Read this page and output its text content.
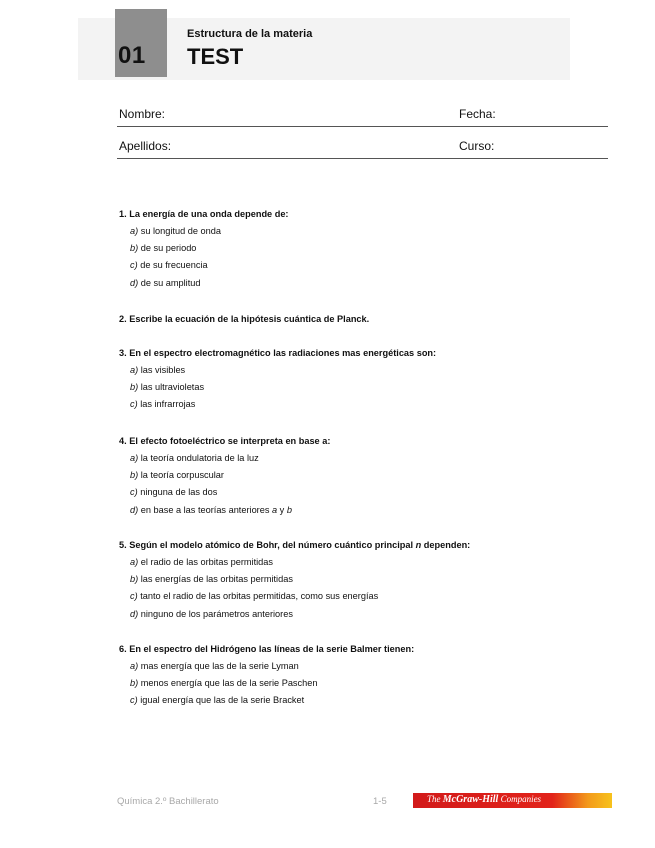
01
Estructura de la materia
TEST
Nombre:	Fecha:
Apellidos:	Curso:
1. La energía de una onda depende de:
a) su longitud de onda
b) de su periodo
c) de su frecuencia
d) de su amplitud
2. Escribe la ecuación de la hipótesis cuántica de Planck.
3. En el espectro electromagnético las radiaciones mas energéticas son:
a) las visibles
b) las ultravioletas
c) las infrarrojas
4. El efecto fotoeléctrico se interpreta en base a:
a) la teoría ondulatoria de la luz
b) la teoría corpuscular
c) ninguna de las dos
d) en base a las teorías anteriores a y b
5. Según el modelo atómico de Bohr, del número cuántico principal n dependen:
a) el radio de las orbitas permitidas
b) las energías de las orbitas permitidas
c) tanto el radio de las orbitas permitidas, como sus energías
d) ninguno de los parámetros anteriores
6. En el espectro del Hidrógeno las líneas de la serie Balmer tienen:
a) mas energía que las de la serie Lyman
b) menos energía que las de la serie Paschen
c) igual energía que las de la serie Bracket
Química 2.º Bachillerato	1-5	The McGraw-Hill Companies
